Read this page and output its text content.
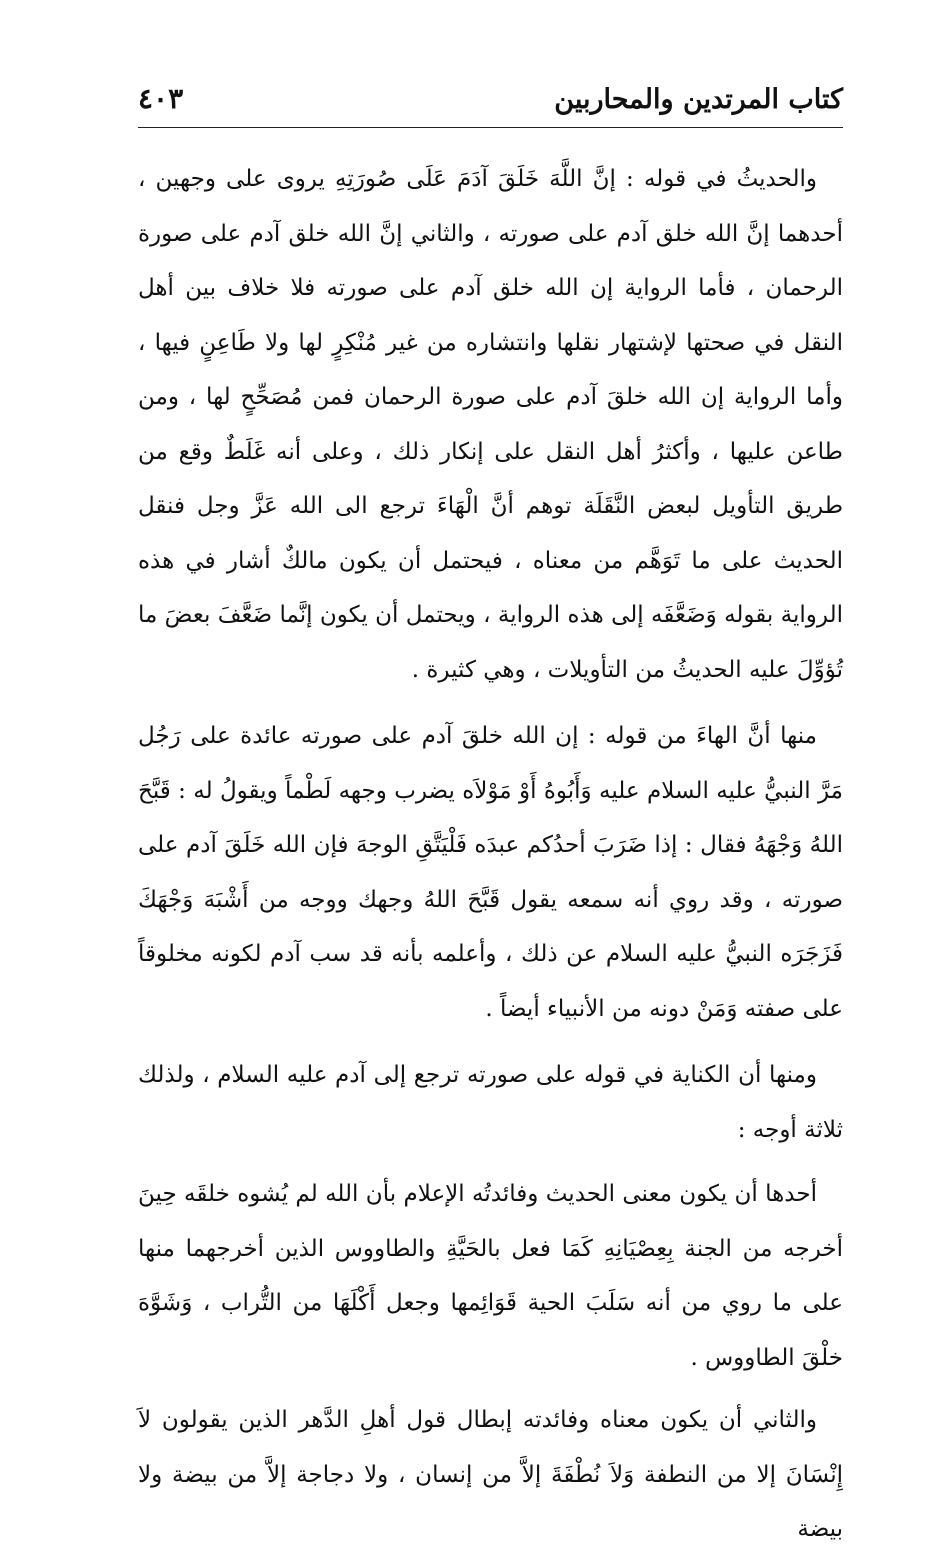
كتاب المرتدين والمحاربين
٤٠٣

والحديثُ في قوله : إنَّ اللَّهَ خَلَقَ آدَمَ عَلَى صُورَتِهِ يروى على وجهين ، أحدهما إنَّ الله خلق آدم على صورته ، والثاني إنَّ الله خلق آدم على صورة الرحمان ، فأما الرواية إن الله خلق آدم على صورته فلا خلاف بين أهل النقل في صحتها لإشتهار نقلها وانتشاره من غير مُنْكِرٍ لها ولا طَاعِنٍ فيها ، وأما الرواية إن الله خلقَ آدم على صورة الرحمان فمن مُصَحِّحٍ لها ، ومن طاعن عليها ، وأكثرُ أهل النقل على إنكار ذلك ، وعلى أنه غَلَطٌ وقع من طريق التأويل لبعض النَّقَلَة توهم أنَّ الْهَاءَ ترجع الى الله عَزَّ وجل فنقل الحديث على ما تَوَهَّم من معناه ، فيحتمل أن يكون مالكٌ أشار في هذه الرواية بقوله وَضَعَّفَه إلى هذه الرواية ، ويحتمل أن يكون إنَّما ضَعَّفَ بعضَ ما تُؤوِّلَ عليه الحديثُ من التأويلات ، وهي كثيرة .

منها أنَّ الهاءَ من قوله : إن الله خلقَ آدم على صورته عائدة على رَجُل مَرَّ النبيُّ عليه السلام عليه وَأَبُوهُ أَوْ مَوْلاَه يضرب وجهه لَطْماً ويقولُ له : قَبَّحَ اللهُ وَجْهَهُ فقال : إذا ضَرَبَ أحدُكم عبدَه فَلْيَتَّقِ الوجهَ فإن الله خَلَقَ آدم على صورته ، وقد روي أنه سمعه يقول قَبَّحَ اللهُ وجهك ووجه من أَشْبَهَ وَجْهَكَ فَزَجَرَه النبيُّ عليه السلام عن ذلك ، وأعلمه بأنه قد سب آدم لكونه مخلوقاً على صفته وَمَنْ دونه من الأنبياء أيضاً .

ومنها أن الكناية في قوله على صورته ترجع إلى آدم عليه السلام ، ولذلك ثلاثة أوجه :

أحدها أن يكون معنى الحديث وفائدتُه الإعلام بأن الله لم يُشوه خلقَه حِينَ أخرجه من الجنة بِعِصْيَانِهِ كَمَا فعل بالحَيَّةِ والطاووس الذين أخرجهما منها على ما روي من أنه سَلَبَ الحية قَوَائِمها وجعل أَكْلَهَا من التُّراب ، وَشَوَّهَ خلْقَ الطاووس .

والثاني أن يكون معناه وفائدته إبطال قول أهلِ الدَّهر الذين يقولون لاَ إِنْسَانَ إلا من النطفة وَلاَ نُطْفَةَ إلاَّ من إنسان ، ولا دجاجة إلاَّ من بيضة ولا بيضة
